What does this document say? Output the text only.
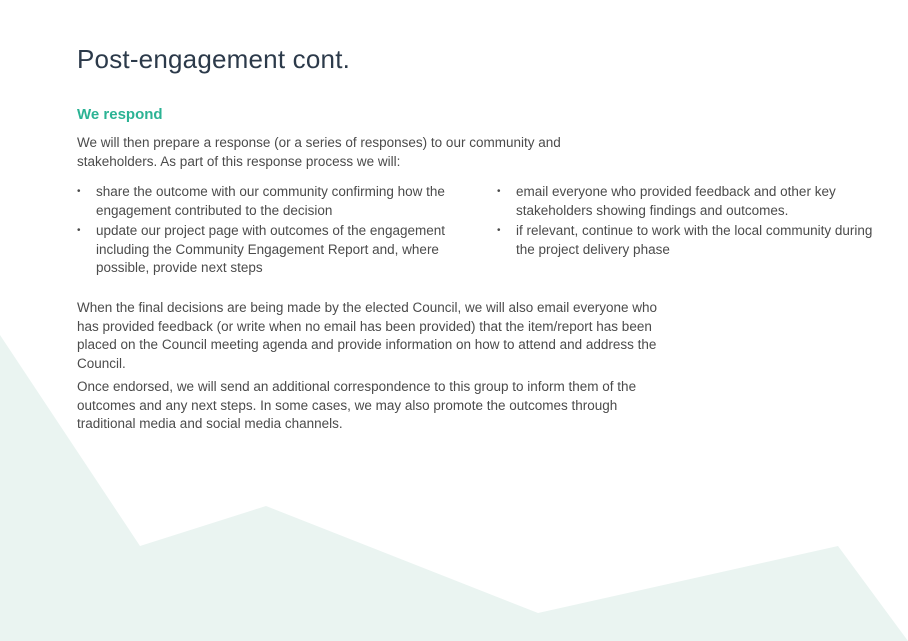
Post-engagement cont.
We respond

We will then prepare a response (or a series of responses) to our community and stakeholders. As part of this response process we will:

• share the outcome with our community confirming how the engagement contributed to the decision
• update our project page with outcomes of the engagement including the Community Engagement Report and, where possible, provide next steps
• email everyone who provided feedback and other key stakeholders showing findings and outcomes.
• if relevant, continue to work with the local community during the project delivery phase

When the final decisions are being made by the elected Council, we will also email everyone who has provided feedback (or write when no email has been provided) that the item/report has been placed on the Council meeting agenda and provide information on how to attend and address the Council.

Once endorsed, we will send an additional correspondence to this group to inform them of the outcomes and any next steps. In some cases, we may also promote the outcomes through traditional media and social media channels.
